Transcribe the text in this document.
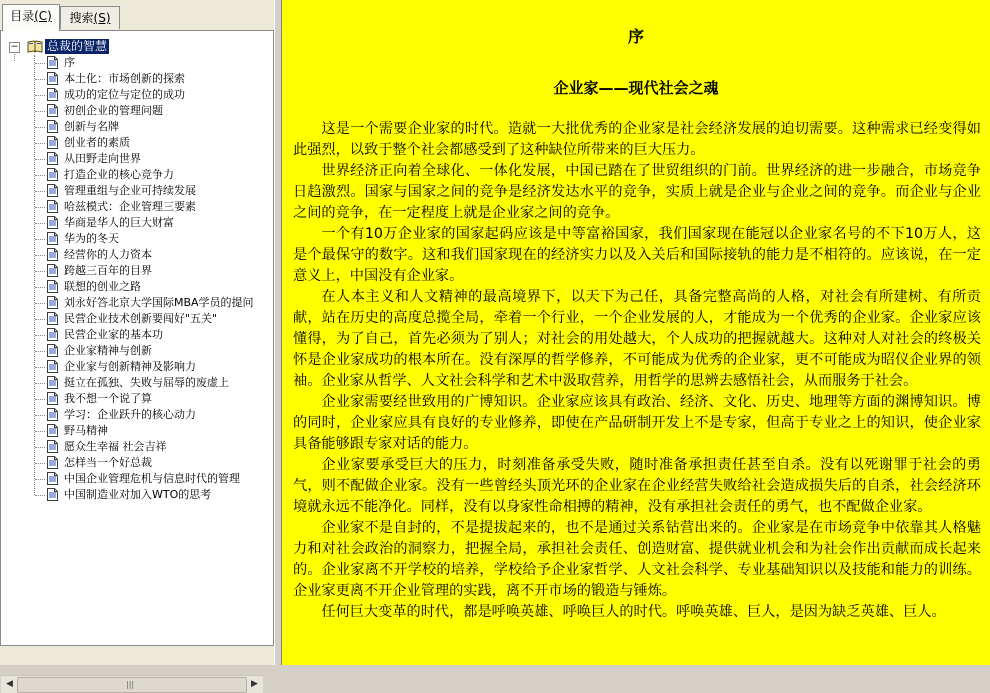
目录(C)	搜索(S)
− 总裁的智慧
序
本土化：市场创新的探索
成功的定位与定位的成功
初创企业的管理问题
创新与名牌
创业者的素质
从田野走向世界
打造企业的核心竞争力
管理重组与企业可持续发展
哈兹模式：企业管理三要素
华商是华人的巨大财富
华为的冬天
经营你的人力资本
跨越三百年的目界
联想的创业之路
刘永好答北京大学国际MBA学员的提问
民营企业技术创新要闯好"五关"
民营企业家的基本功
企业家精神与创新
企业家与创新精神及影响力
挺立在孤独、失败与屈辱的废虚上
我不想一个说了算
学习：企业跃升的核心动力
野马精神
愿众生幸福 社会吉祥
怎样当一个好总裁
中国企业管理危机与信息时代的管理
中国制造业对加入WTO的思考
◀	|||	▶
序
企业家——现代社会之魂

这是一个需要企业家的时代。造就一大批优秀的企业家是社会经济发展的迫切需要。这种需求已经变得如此强烈，以致于整个社会都感受到了这种缺位所带来的巨大压力。

世界经济正向着全球化、一体化发展，中国已踏在了世贸组织的门前。世界经济的进一步融合，市场竞争日趋激烈。国家与国家之间的竞争是经济发达水平的竞争，实质上就是企业与企业之间的竞争。而企业与企业之间的竞争，在一定程度上就是企业家之间的竞争。

一个有10万企业家的国家起码应该是中等富裕国家，我们国家现在能冠以企业家名号的不下10万人，这是个最保守的数字。这和我们国家现在的经济实力以及入关后和国际接轨的能力是不相符的。应该说，在一定意义上，中国没有企业家。

在人本主义和人文精神的最高境界下，以天下为己任，具备完整高尚的人格，对社会有所建树、有所贡献，站在历史的高度总揽全局，牵着一个行业，一个企业发展的人，才能成为一个优秀的企业家。企业家应该懂得，为了自己，首先必须为了别人；对社会的用处越大，个人成功的把握就越大。这种对人对社会的终极关怀是企业家成功的根本所在。没有深厚的哲学修养，不可能成为优秀的企业家，更不可能成为昭仪企业界的领袖。企业家从哲学、人文社会科学和艺术中汲取营养，用哲学的思辨去感悟社会，从而服务于社会。

企业家需要经世致用的广博知识。企业家应该具有政治、经济、文化、历史、地理等方面的渊博知识。博的同时，企业家应具有良好的专业修养，即使在产品研制开发上不是专家，但高于专业之上的知识，使企业家具备能够跟专家对话的能力。

企业家要承受巨大的压力，时刻准备承受失败，随时准备承担责任甚至自杀。没有以死谢罪于社会的勇气，则不配做企业家。没有一些曾经头顶光环的企业家在企业经营失败给社会造成损失后的自杀，社会经济环境就永远不能净化。同样，没有以身家性命相搏的精神，没有承担社会责任的勇气，也不配做企业家。

企业家不是自封的，不是提拔起来的，也不是通过关系钻营出来的。企业家是在市场竞争中依靠其人格魅力和对社会政治的洞察力，把握全局，承担社会责任、创造财富、提供就业机会和为社会作出贡献而成长起来的。企业家离不开学校的培养，学校给予企业家哲学、人文社会科学、专业基础知识以及技能和能力的训练。企业家更离不开企业管理的实践，离不开市场的锻造与锤炼。

任何巨大变革的时代，都是呼唤英雄、呼唤巨人的时代。呼唤英雄、巨人，是因为缺乏英雄、巨人。
